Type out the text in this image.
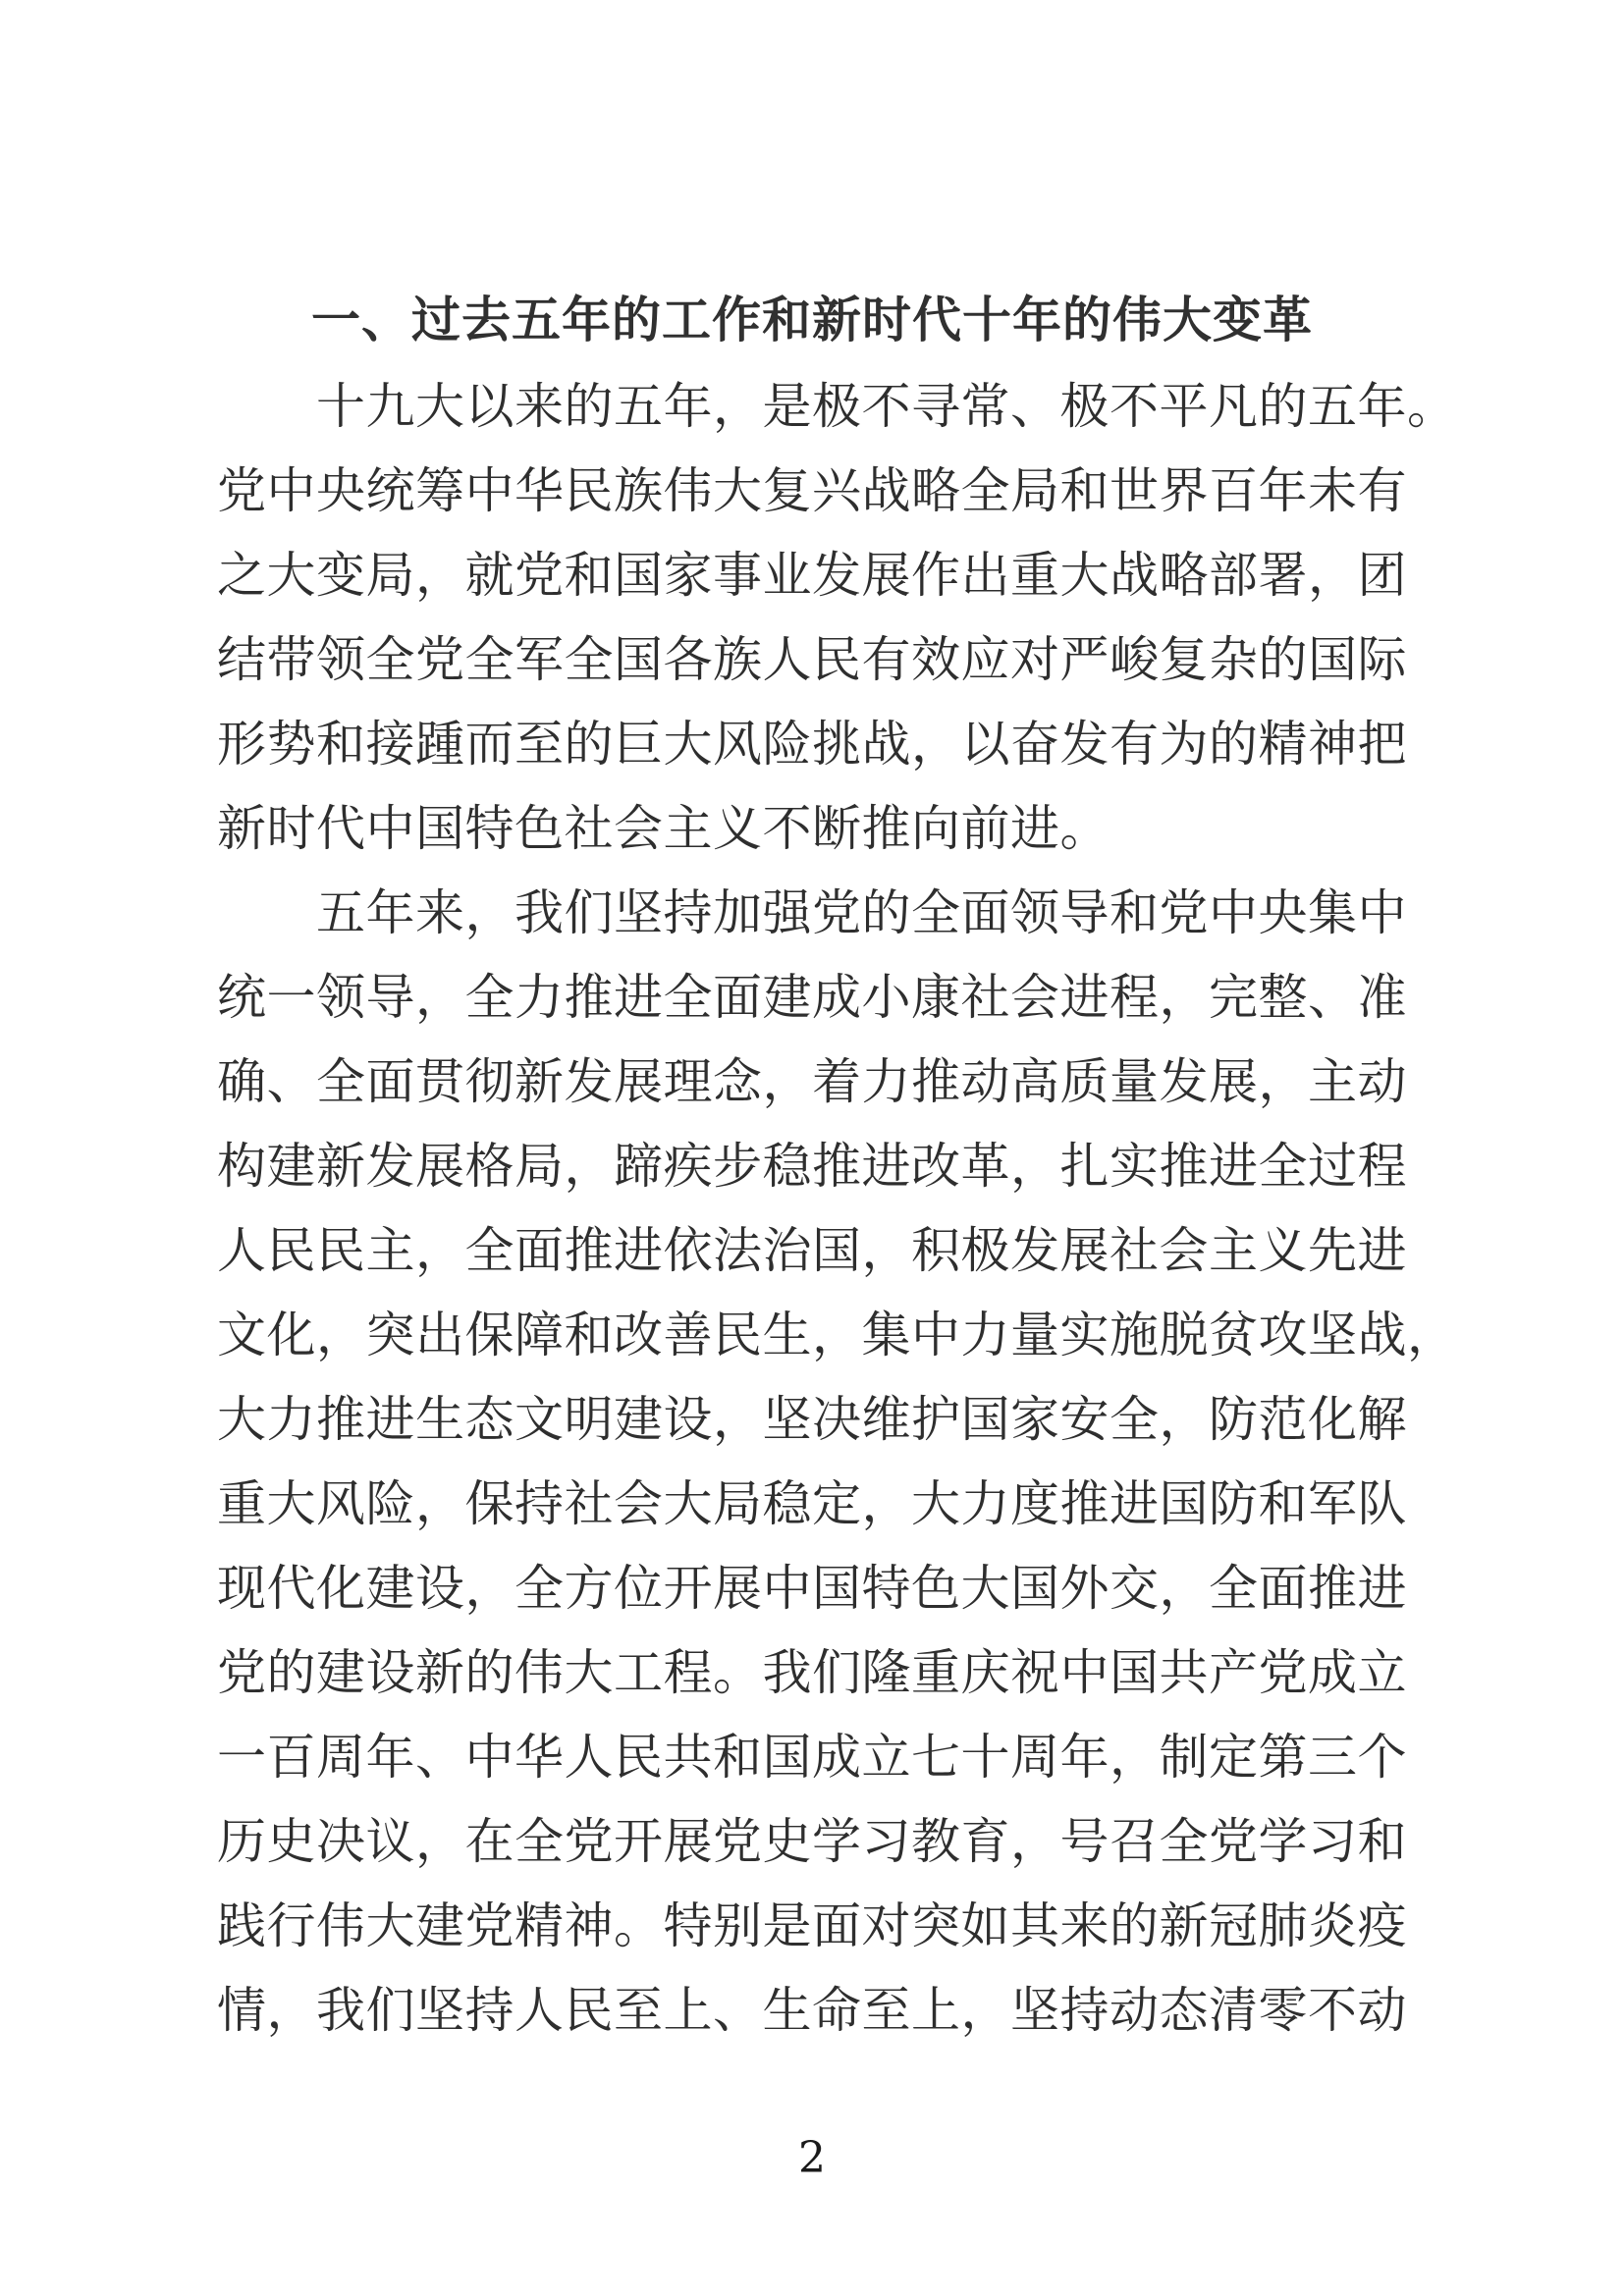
一、过去五年的工作和新时代十年的伟大变革
十九大以来的五年，是极不寻常、极不平凡的五年。
党中央统筹中华民族伟大复兴战略全局和世界百年未有
之大变局，就党和国家事业发展作出重大战略部署，团
结带领全党全军全国各族人民有效应对严峻复杂的国际
形势和接踵而至的巨大风险挑战，以奋发有为的精神把
新时代中国特色社会主义不断推向前进。
五年来，我们坚持加强党的全面领导和党中央集中
统一领导，全力推进全面建成小康社会进程，完整、准
确、全面贯彻新发展理念，着力推动高质量发展，主动
构建新发展格局，蹄疾步稳推进改革，扎实推进全过程
人民民主，全面推进依法治国，积极发展社会主义先进
文化，突出保障和改善民生，集中力量实施脱贫攻坚战，
大力推进生态文明建设，坚决维护国家安全，防范化解
重大风险，保持社会大局稳定，大力度推进国防和军队
现代化建设，全方位开展中国特色大国外交，全面推进
党的建设新的伟大工程。我们隆重庆祝中国共产党成立
一百周年、中华人民共和国成立七十周年，制定第三个
历史决议，在全党开展党史学习教育，号召全党学习和
践行伟大建党精神。特别是面对突如其来的新冠肺炎疫
情，我们坚持人民至上、生命至上，坚持动态清零不动
2
